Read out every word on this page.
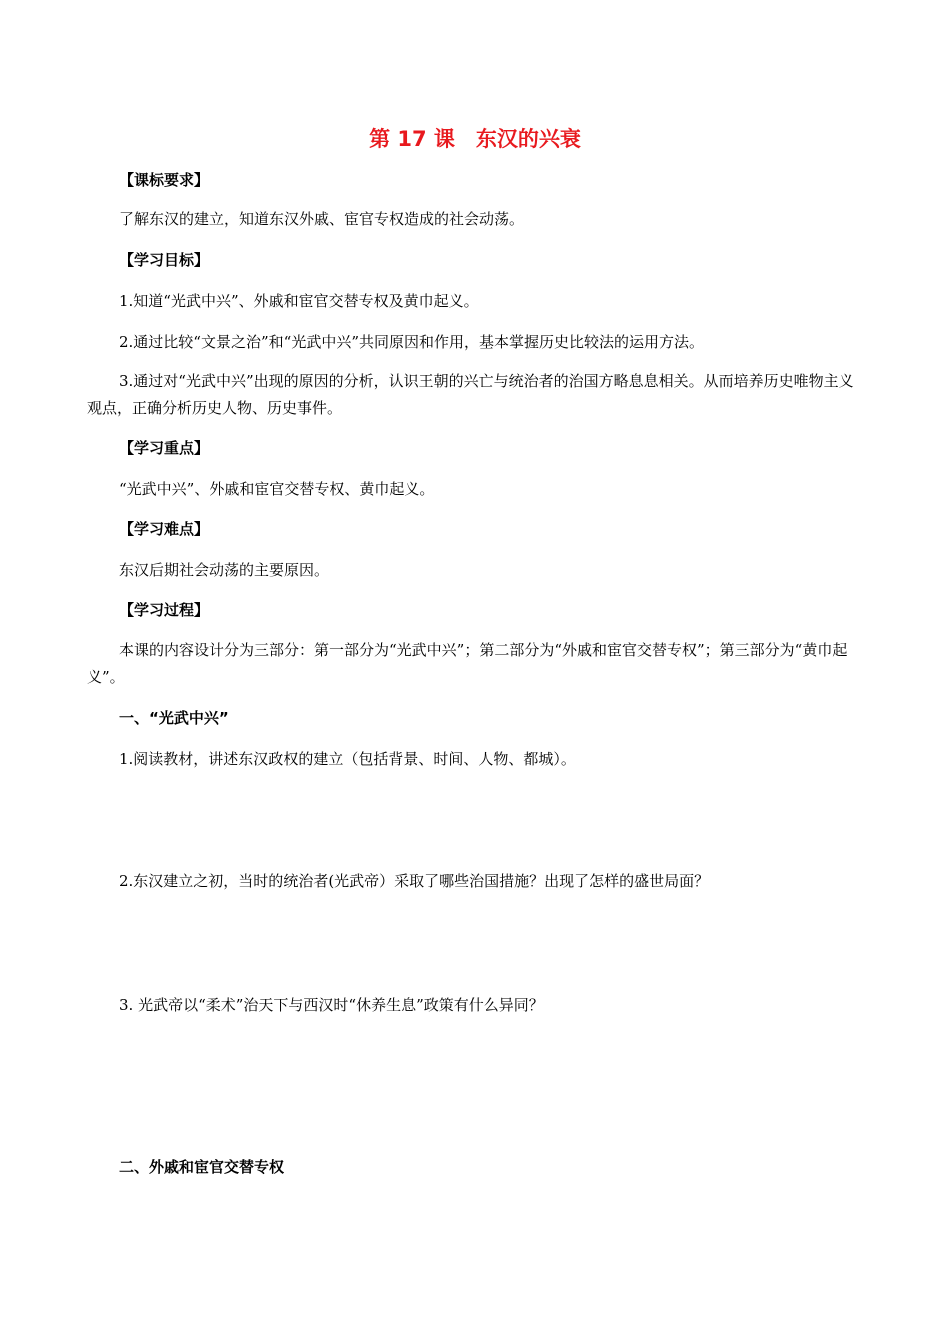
第 17 课　东汉的兴衰
【课标要求】
了解东汉的建立，知道东汉外戚、宦官专权造成的社会动荡。
【学习目标】
1.知道“光武中兴”、外戚和宦官交替专权及黄巾起义。
2.通过比较“文景之治”和“光武中兴”共同原因和作用，基本掌握历史比较法的运用方法。
3.通过对“光武中兴”出现的原因的分析，认识王朝的兴亡与统治者的治国方略息息相关。从而培养历史唯物主义观点，正确分析历史人物、历史事件。
【学习重点】
“光武中兴”、外戚和宦官交替专权、黄巾起义。
【学习难点】
东汉后期社会动荡的主要原因。
【学习过程】
本课的内容设计分为三部分：第一部分为“光武中兴”；第二部分为“外戚和宦官交替专权”；第三部分为“黄巾起义”。
一、“光武中兴”
1.阅读教材，讲述东汉政权的建立（包括背景、时间、人物、都城）。
2.东汉建立之初，当时的统治者(光武帝）采取了哪些治国措施？出现了怎样的盛世局面？
3. 光武帝以“柔术”治天下与西汉时“休养生息”政策有什么异同？
二、外戚和宦官交替专权
